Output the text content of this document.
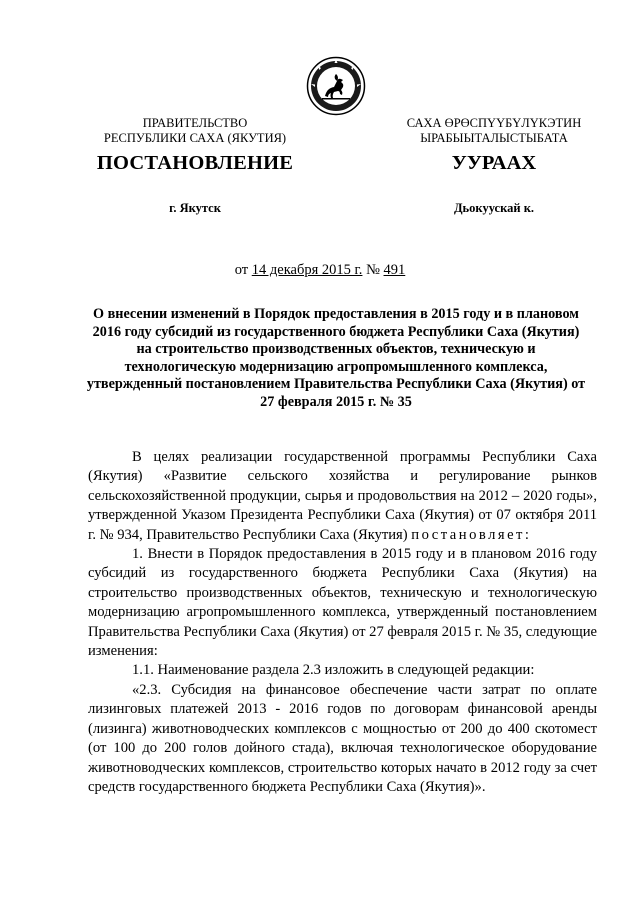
ПРАВИТЕЛЬСТВО
РЕСПУБЛИКИ САХА (ЯКУТИЯ)
САХА ӨРӨСПҮҮБҮЛҮКЭТИН
ЫРАБЫЫТАЛЫСТЫБАТА
ПОСТАНОВЛЕНИЕ	УУРААХ
г. Якутск	Дьокуускай к.
от 14 декабря 2015 г. № 491
О внесении изменений в Порядок предоставления в 2015 году и в плановом 2016 году субсидий из государственного бюджета Республики Саха (Якутия) на строительство производственных объектов, техническую и технологическую модернизацию агропромышленного комплекса, утвержденный постановлением Правительства Республики Саха (Якутия) от 27 февраля 2015 г. № 35

В целях реализации государственной программы Республики Саха (Якутия) «Развитие сельского хозяйства и регулирование рынков сельскохозяйственной продукции, сырья и продовольствия на 2012 – 2020 годы», утвержденной Указом Президента Республики Саха (Якутия) от 07 октября 2011 г. № 934, Правительство Республики Саха (Якутия) постановляет:

1. Внести в Порядок предоставления в 2015 году и в плановом 2016 году субсидий из государственного бюджета Республики Саха (Якутия) на строительство производственных объектов, техническую и технологическую модернизацию агропромышленного комплекса, утвержденный постановлением Правительства Республики Саха (Якутия) от 27 февраля 2015 г. № 35, следующие изменения:

1.1. Наименование раздела 2.3 изложить в следующей редакции:

«2.3. Субсидия на финансовое обеспечение части затрат по оплате лизинговых платежей 2013 - 2016 годов по договорам финансовой аренды (лизинга) животноводческих комплексов с мощностью от 200 до 400 скотомест (от 100 до 200 голов дойного стада), включая технологическое оборудование животноводческих комплексов, строительство которых начато в 2012 году за счет средств государственного бюджета Республики Саха (Якутия)».
